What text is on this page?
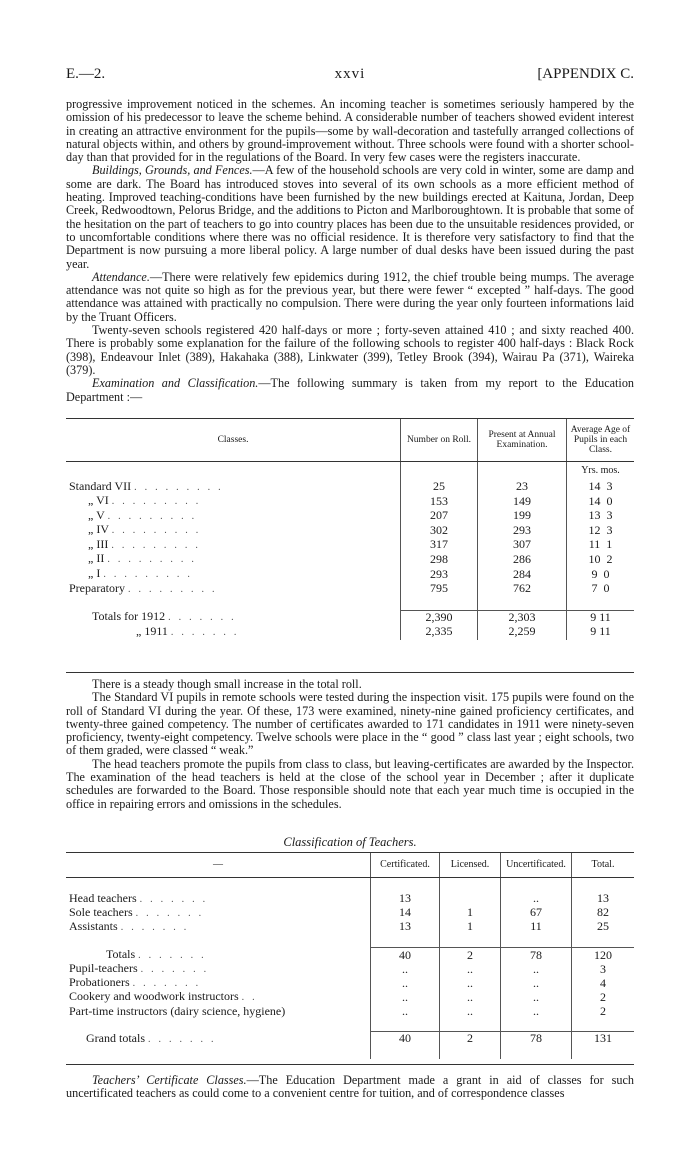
E.—2.	xxvi	[APPENDIX C.

progressive improvement noticed in the schemes. An incoming teacher is sometimes seriously hampered by the omission of his predecessor to leave the scheme behind. A considerable number of teachers showed evident interest in creating an attractive environment for the pupils—some by wall-decoration and tastefully arranged collections of natural objects within, and others by ground-improvement without. Three schools were found with a shorter school-day than that provided for in the regulations of the Board. In very few cases were the registers inaccurate.

Buildings, Grounds, and Fences.—A few of the household schools are very cold in winter, some are damp and some are dark. The Board has introduced stoves into several of its own schools as a more efficient method of heating. Improved teaching-conditions have been furnished by the new buildings erected at Kaituna, Jordan, Deep Creek, Redwoodtown, Pelorus Bridge, and the additions to Picton and Marlboroughtown. It is probable that some of the hesitation on the part of teachers to go into country places has been due to the unsuitable residences provided, or to uncomfortable conditions where there was no official residence. It is therefore very satisfactory to find that the Department is now pursuing a more liberal policy. A large number of dual desks have been issued during the past year.

Attendance.—There were relatively few epidemics during 1912, the chief trouble being mumps. The average attendance was not quite so high as for the previous year, but there were fewer “ excepted ” half-days. The good attendance was attained with practically no compulsion. There were during the year only fourteen informations laid by the Truant Officers.

Twenty-seven schools registered 420 half-days or more ; forty-seven attained 410 ; and sixty reached 400. There is probably some explanation for the failure of the following schools to register 400 half-days : Black Rock (398), Endeavour Inlet (389), Hakahaka (388), Linkwater (399), Tetley Brook (394), Wairau Pa (371), Waireka (379).

Examination and Classification.—The following summary is taken from my report to the Education Department :—

Classes.	Number on Roll.	Present at Annual Examination.	Average Age of Pupils in each Class.
			Yrs. mos.
Standard VII .........	25	23	14 3
„ VI .........	153	149	14 0
„ V .........	207	199	13 3
„ IV .........	302	293	12 3
„ III .........	317	307	11 1
„ II .........	298	286	10 2
„ I .........	293	284	9 0
Preparatory .........	795	762	7 0

Totals for 1912 .......	2,390	2,303	9 11
„ 1911 .......	2,335	2,259	9 11

There is a steady though small increase in the total roll.

The Standard VI pupils in remote schools were tested during the inspection visit. 175 pupils were found on the roll of Standard VI during the year. Of these, 173 were examined, ninety-nine gained proficiency certificates, and twenty-three gained competency. The number of certificates awarded to 171 candidates in 1911 were ninety-seven proficiency, twenty-eight competency. Twelve schools were place in the “ good ” class last year ; eight schools, two of them graded, were classed “ weak.”

The head teachers promote the pupils from class to class, but leaving-certificates are awarded by the Inspector. The examination of the head teachers is held at the close of the school year in December ; after it duplicate schedules are forwarded to the Board. Those responsible should note that each year much time is occupied in the office in repairing errors and omissions in the schedules.

Classification of Teachers.
—	Certificated.	Licensed.	Uncertificated.	Total.

Head teachers .......	13		..	13
Sole teachers .......	14	1	67	82
Assistants .......	13	1	11	25

Totals .......	40	2	78	120
Pupil-teachers .......	..	..	..	3
Probationers .......	..	..	..	4
Cookery and woodwork instructors ..	..	..	..	2
Part-time instructors (dairy science, hygiene)	..	..	..	2

Grand totals .......	40	2	78	131

Teachers’ Certificate Classes.—The Education Department made a grant in aid of classes for such uncertificated teachers as could come to a convenient centre for tuition, and of correspondence classes
